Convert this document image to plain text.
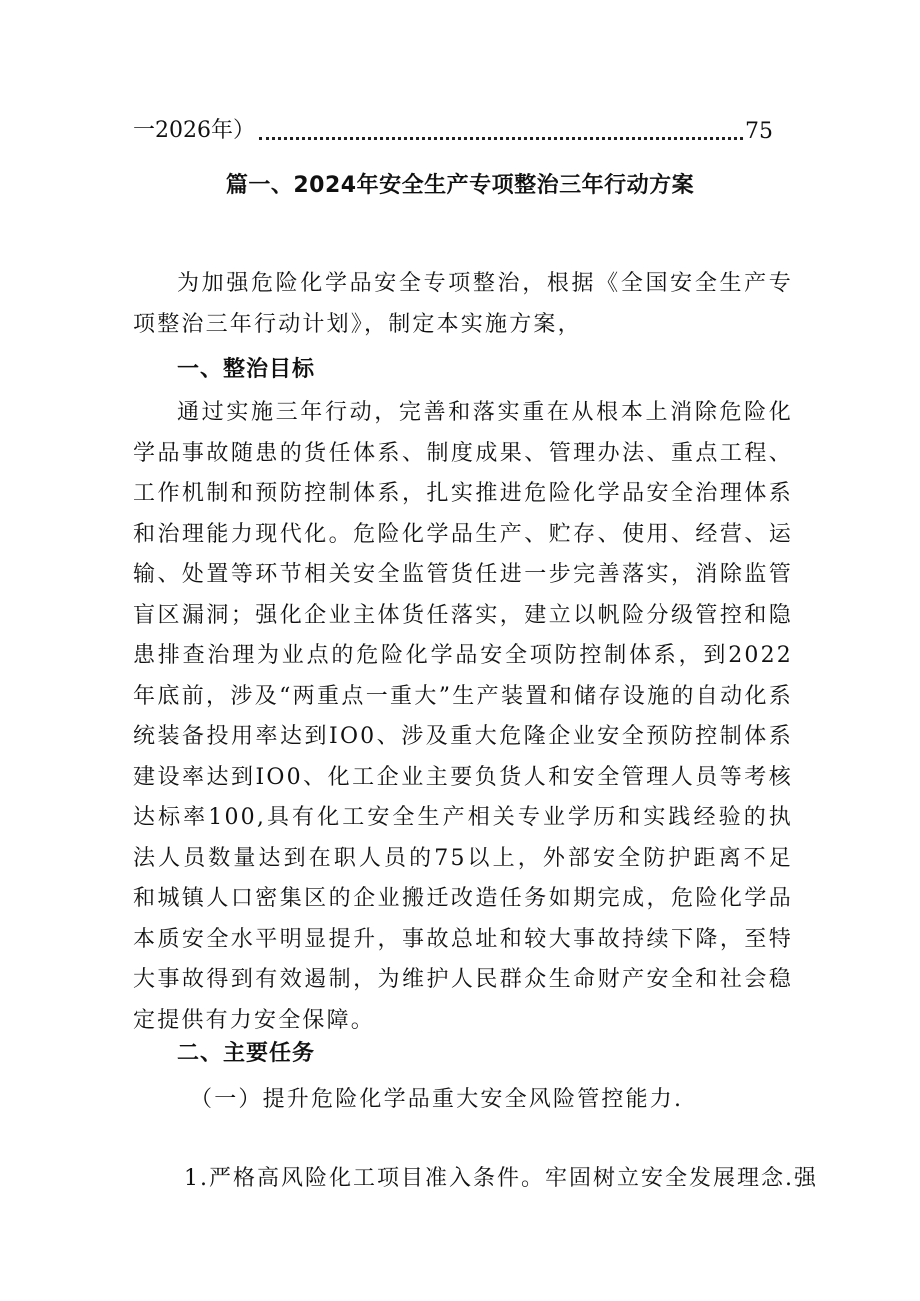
一2026年）	75
篇一、2024年安全生产专项整治三年行动方案

为加强危险化学品安全专项整治，根据《全国安全生产专项整治三年行动计划》，制定本实施方案，

一、整治目标

通过实施三年行动，完善和落实重在从根本上消除危险化学品事故随患的货任体系、制度成果、管理办法、重点工程、工作机制和预防控制体系，扎实推进危险化学品安全治理体系和治理能力现代化。危险化学品生产、贮存、使用、经营、运输、处置等环节相关安全监管货任进一步完善落实，消除监管盲区漏洞；强化企业主体货任落实，建立以帆险分级管控和隐患排查治理为业点的危险化学品安全项防控制体系，到2022年底前，涉及“两重点一重大”生产装置和储存设施的自动化系统装备投用率达到IO0、涉及重大危隆企业安全预防控制体系建设率达到IO0、化工企业主要负货人和安全管理人员等考核达标率100,具有化工安全生产相关专业学历和实践经验的执法人员数量达到在职人员的75以上，外部安全防护距离不足和城镇人口密集区的企业搬迁改造任务如期完成，危险化学品本质安全水平明显提升，事故总址和较大事故持续下降，至特大事故得到有效遏制，为维护人民群众生命财产安全和社会稳定提供有力安全保障。

二、主要任务

（一）提升危险化学品重大安全风险管控能力.

1.严格高风险化工项目准入条件。牢固树立安全发展理念.强
